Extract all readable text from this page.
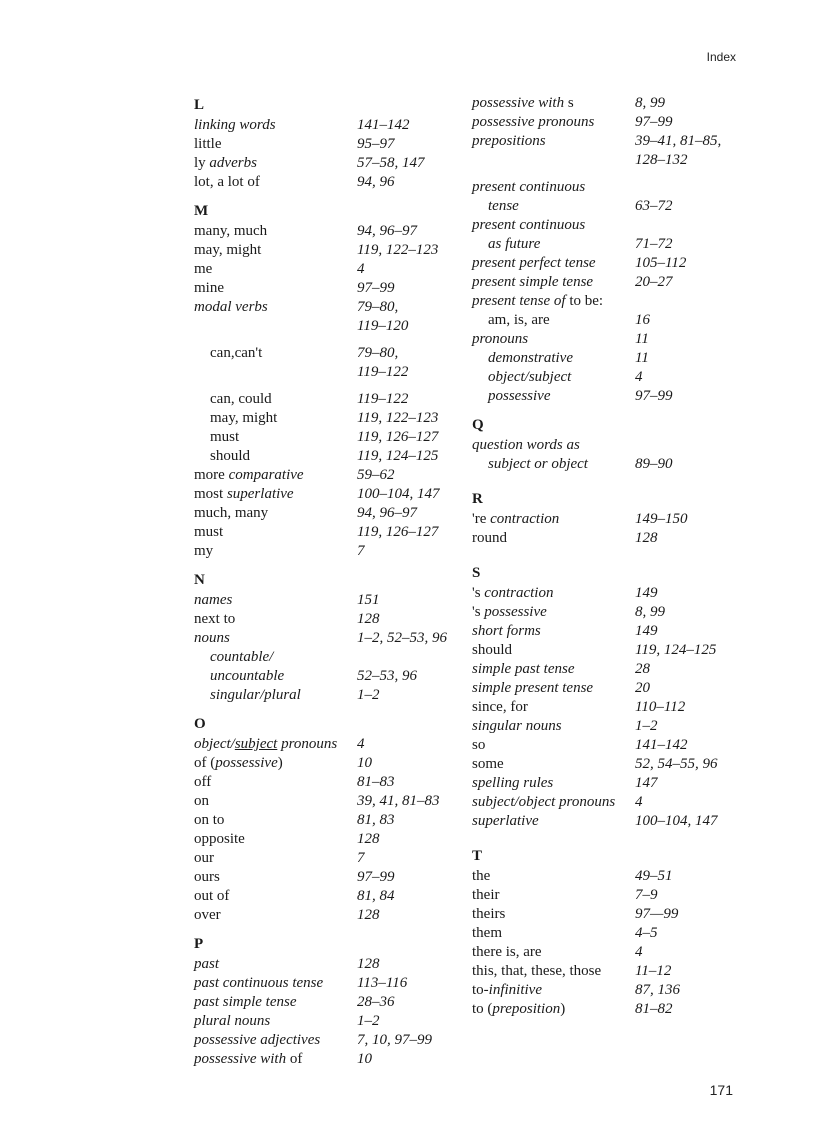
Index
L
linking words	141–142
little	95–97
ly adverbs	57–58, 147
lot, a lot of	94, 96
M
many, much	94, 96–97
may, might	119, 122–123
me	4
mine	97–99
modal verbs	79–80,
119–120
can,can't	79–80,
119–122
can, could	119–122
may, might	119, 122–123
must	119, 126–127
should	119, 124–125
more comparative	59–62
most superlative	100–104, 147
much, many	94, 96–97
must	119, 126–127
my	7
N
names	151
next to	128
nouns	1–2, 52–53, 96
countable/
uncountable	52–53, 96
singular/plural	1–2
O
object/subject pronouns 4
of (possessive)	10
off	81–83
on	39, 41, 81–83
on to	81, 83
opposite	128
our	7
ours	97–99
out of	81, 84
over	128
P
past	128
past continuous tense 113–116
past simple tense	28–36
plural nouns	1–2
possessive adjectives 7, 10, 97–99
possessive with of	10
possessive with s	8, 99
possessive pronouns	97–99
prepositions	39–41, 81–85,
128–132
present continuous
tense	63–72
present continuous
as future	71–72
present perfect tense	105–112
present simple tense	20–27
present tense of to be:
am, is, are	16
pronouns	11
demonstrative	11
object/subject	4
possessive	97–99
Q
question words as
subject or object	89–90
R
're contraction	149–150
round	128
S
's contraction	149
's possessive	8, 99
short forms	149
should	119, 124–125
simple past tense	28
simple present tense	20
since, for	110–112
singular nouns	1–2
so	141–142
some	52, 54–55, 96
spelling rules	147
subject/object pronouns 4
superlative	100–104, 147
T
the	49–51
their	7–9
theirs	97—99
them	4–5
there is, are	4
this, that, these, those 11–12
to-infinitive	87, 136
to (preposition)	81–82
171
